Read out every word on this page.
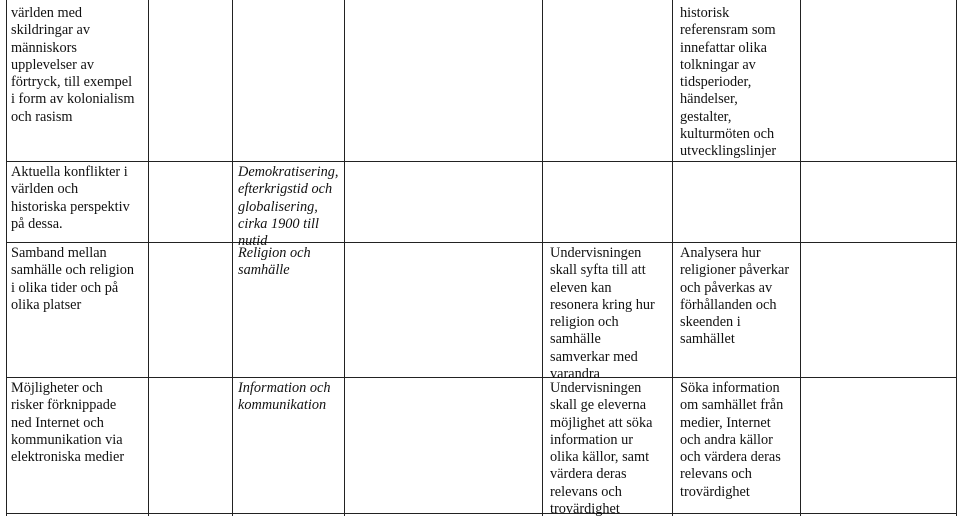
världen med
skildringar av
människors
upplevelser av
förtryck, till exempel
i form av kolonialism
och rasism
Aktuella konflikter i
världen och
historiska perspektiv
på dessa.
Samband mellan
samhälle och religion
i olika tider och på
olika platser
Möjligheter och
risker förknippade
ned Internet och
kommunikation via
elektroniska medier
Demokratisering,
efterkrigstid och
globalisering,
cirka 1900 till
nutid
Religion och
samhälle
Information och
kommunikation
Undervisningen
skall syfta till att
eleven kan
resonera kring hur
religion och
samhälle
samverkar med
varandra
Undervisningen
skall ge eleverna
möjlighet att söka
information ur
olika källor, samt
värdera deras
relevans och
trovärdighet
historisk
referensram som
innefattar olika
tolkningar av
tidsperioder,
händelser,
gestalter,
kulturmöten och
utvecklingslinjer
Analysera hur
religioner påverkar
och påverkas av
förhållanden och
skeenden i
samhället
Söka information
om samhället från
medier, Internet
och andra källor
och värdera deras
relevans och
trovärdighet
